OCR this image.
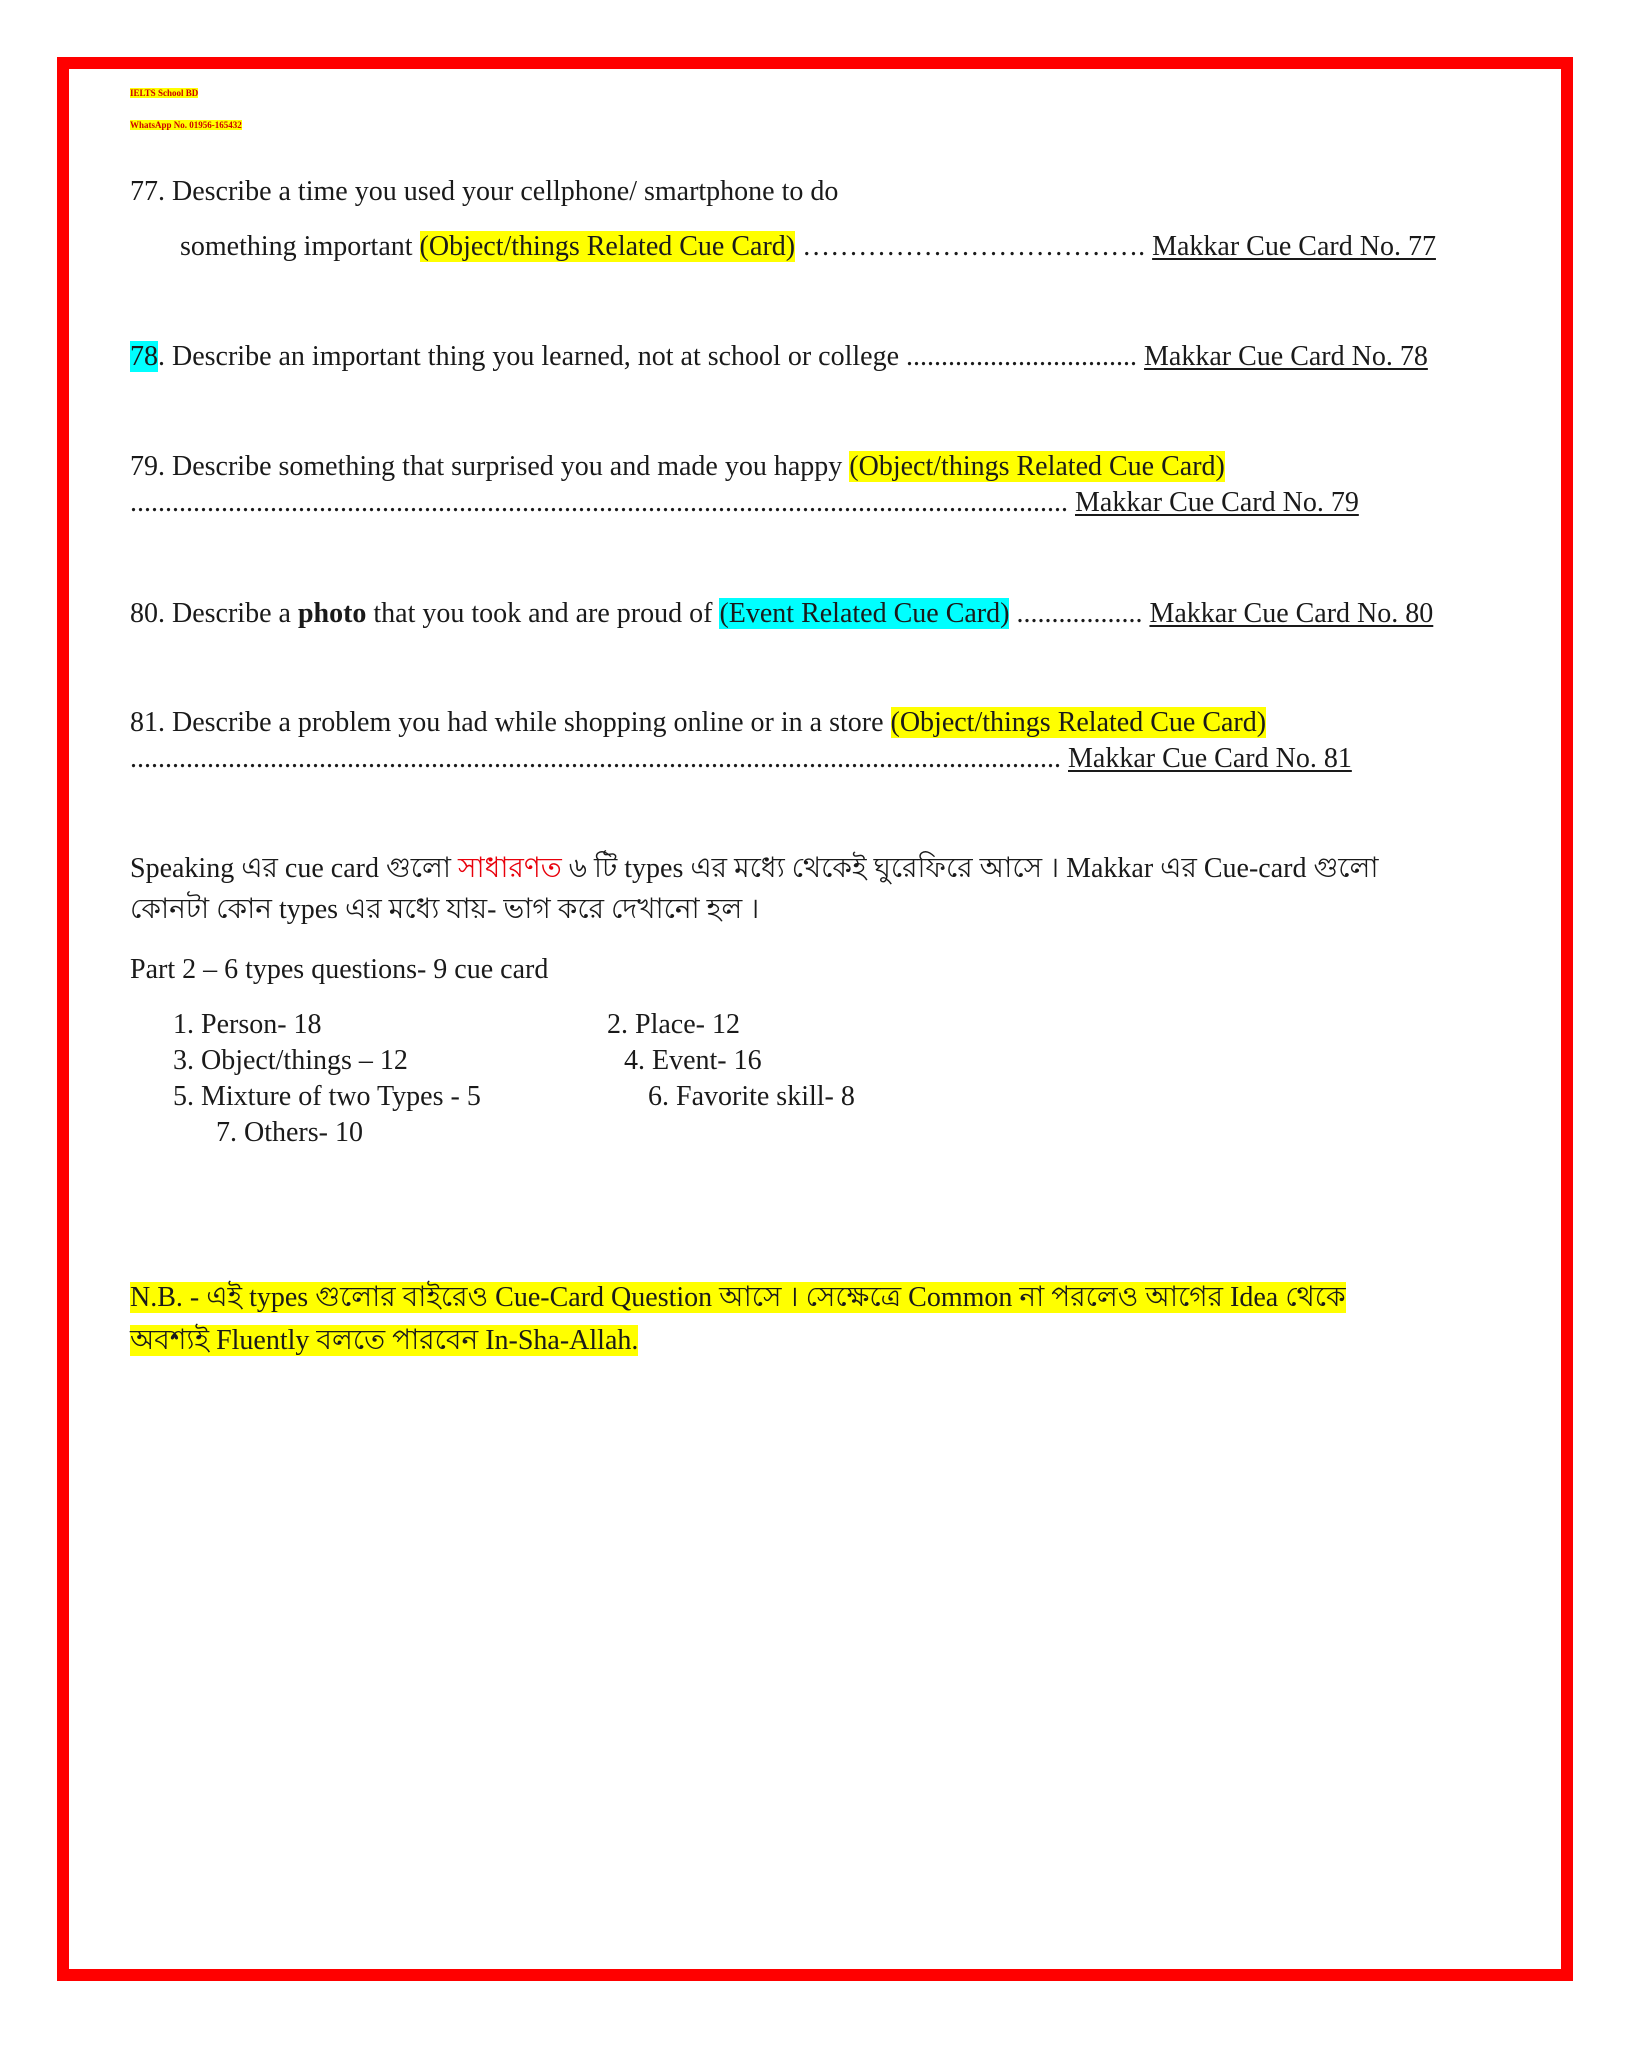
IELTS School BD
WhatsApp No. 01956-165432
77. Describe a time you used your cellphone/ smartphone to do
something important (Object/things Related Cue Card) ………………………………. Makkar Cue Card No. 77
78. Describe an important thing you learned, not at school or college ................................. Makkar Cue Card No. 78
79. Describe something that surprised you and made you happy (Object/things Related Cue Card)
...................................................................................................................................... Makkar Cue Card No. 79
80. Describe a photo that you took and are proud of (Event Related Cue Card) .................. Makkar Cue Card No. 80
81. Describe a problem you had while shopping online or in a store (Object/things Related Cue Card)
..................................................................................................................................... Makkar Cue Card No. 81
Speaking এর cue card গুলো সাধারণত ৬ টি types এর মধ্যে থেকেই ঘুরেফিরে আসে । Makkar এর Cue-card গুলো
কোনটা কোন types এর মধ্যে যায়- ভাগ করে দেখানো হল ।
Part 2 – 6 types questions- 9 cue card
1. Person- 18	2. Place- 12
3. Object/things – 12	4. Event- 16
5. Mixture of two Types - 5	6. Favorite skill- 8
7. Others- 10
N.B. - এই types গুলোর বাইরেও Cue-Card Question আসে । সেক্ষেত্রে Common না পরলেও আগের Idea থেকে
অবশ্যই Fluently বলতে পারবেন In-Sha-Allah.
